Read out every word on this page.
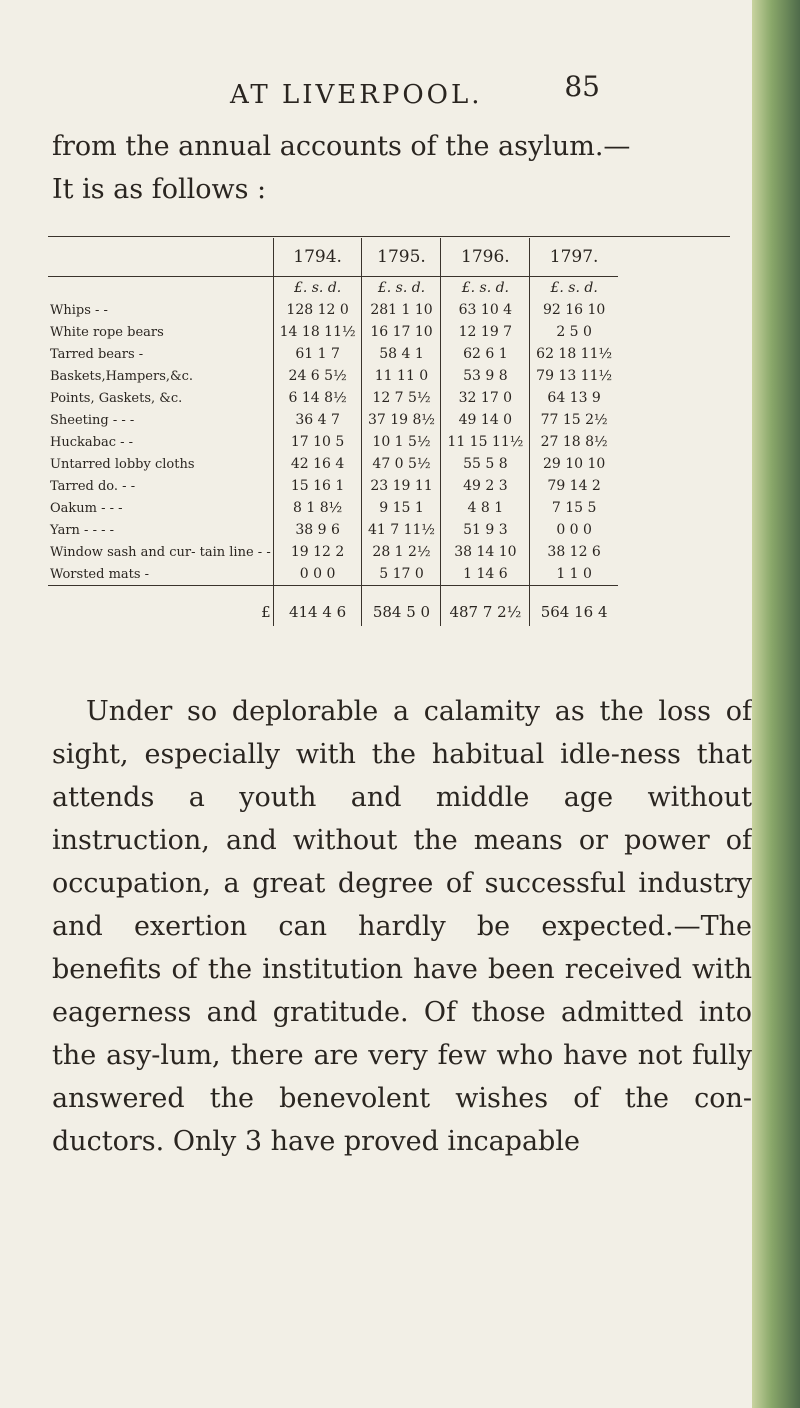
AT LIVERPOOL.	85
from the annual accounts of the asylum.—
It is as follows :
	1794.	1795.	1796.	1797.
	£. s. d.	£. s. d.	£. s. d.	£. s. d.
Whips - -	128 12 0	281 1 10	63 10 4	92 16 10
White rope bears	14 18 11½	16 17 10	12 19 7	2 5 0
Tarred bears -	61 1 7	58 4 1	62 6 1	62 18 11½
Baskets,Hampers,&c.	24 6 5½	11 11 0	53 9 8	79 13 11½
Points, Gaskets, &c.	6 14 8½	12 7 5½	32 17 0	64 13 9
Sheeting - - -	36 4 7	37 19 8½	49 14 0	77 15 2½
Huckabac - -	17 10 5	10 1 5½	11 15 11½	27 18 8½
Untarred lobby cloths	42 16 4	47 0 5½	55 5 8	29 10 10
Tarred do. - -	15 16 1	23 19 11	49 2 3	79 14 2
Oakum - - -	8 1 8½	9 15 1	4 8 1	7 15 5
Yarn - - - -	38 9 6	41 7 11½	51 9 3	0 0 0
Window sash and cur- tain line - -	19 12 2	28 1 2½	38 14 10	38 12 6
Worsted mats -	0 0 0	5 17 0	1 14 6	1 1 0
£	414 4 6	584 5 0	487 7 2½	564 16 4

Under so deplorable a calamity as the loss of sight, especially with the habitual idle-ness that attends a youth and middle age without instruction, and without the means or power of occupation, a great degree of successful industry and exertion can hardly be expected.—The benefits of the institution have been received with eagerness and gratitude. Of those admitted into the asy-lum, there are very few who have not fully answered the benevolent wishes of the con-ductors. Only 3 have proved incapable
